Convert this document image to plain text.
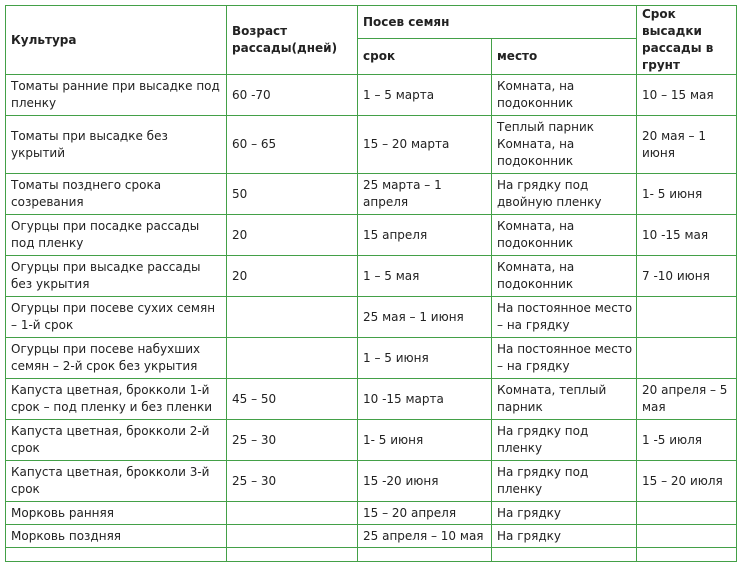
Культура	Возраст рассады(дней)	Посев семян		Срок высадки рассады в грунт
		срок	место	
Томаты ранние при высадке под пленку	60 -70	1 – 5 марта	Комната, на подоконник	10 – 15 мая
Томаты при высадке без укрытий	60 – 65	15 – 20 марта	Теплый парник Комната, на подоконник	20 мая – 1 июня
Томаты позднего срока созревания	50	25 марта – 1 апреля	На грядку под двойную пленку	1- 5 июня
Огурцы при посадке рассады под пленку	20	15 апреля	Комната, на подоконник	10 -15 мая
Огурцы при высадке рассады без укрытия	20	1 – 5 мая	Комната, на подоконник	7 -10 июня
Огурцы при посеве сухих семян – 1-й срок		25 мая – 1 июня	На постоянное место – на грядку	
Огурцы при посеве набухших семян – 2-й срок без укрытия		1 – 5 июня	На постоянное место – на грядку	
Капуста цветная, брокколи 1-й срок – под пленку и без пленки	45 – 50	10 -15 марта	Комната, теплый парник	20 апреля – 5 мая
Капуста цветная, брокколи 2-й срок	25 – 30	1- 5 июня	На грядку под пленку	1 -5 июля
Капуста цветная, брокколи 3-й срок	25 – 30	15 -20 июня	На грядку под пленку	15 – 20 июля
Морковь ранняя		15 – 20 апреля	На грядку	
Морковь поздняя		25 апреля – 10 мая	На грядку	
